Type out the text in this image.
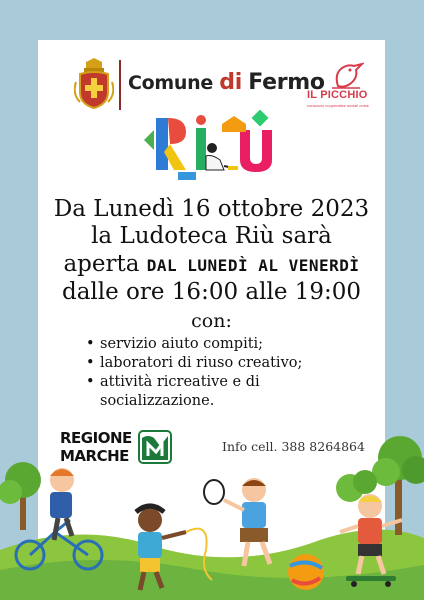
Comune di Fermo
IL PICCHIO
consorzio cooperative sociali onlus
Da Lunedì 16 ottobre 2023
la Ludoteca Riù sarà
aperta DAL LUNEDÌ AL VENERDÌ
dalle ore 16:00 alle 19:00
con:
• servizio aiuto compiti;
• laboratori di riuso creativo;
• attività ricreative e di socializzazione.
REGIONE
MARCHE
Info cell. 388 8264864
